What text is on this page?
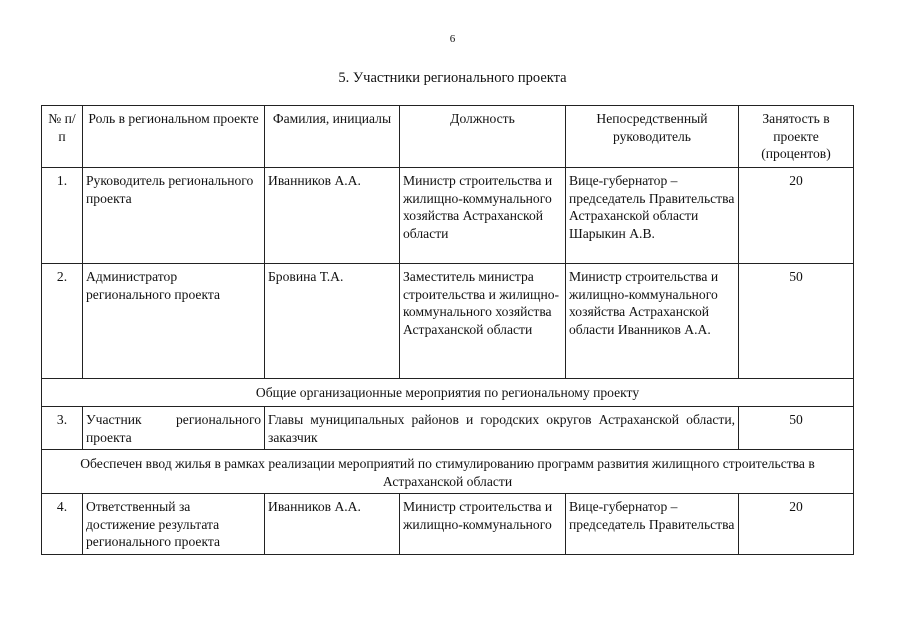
6
5. Участники регионального проекта
№ п/п	Роль в региональном проекте	Фамилия, инициалы	Должность	Непосредственный руководитель	Занятость в проекте (процентов)
1.	Руководитель регионального проекта	Иванников А.А.	Министр строительства и жилищно-коммунального хозяйства Астраханской области	Вице-губернатор – председатель Правительства Астраханской области Шарыкин А.В.	20
2.	Администратор регионального проекта	Бровина Т.А.	Заместитель министра строительства и жилищно-коммунального хозяйства Астраханской области	Министр строительства и жилищно-коммунального хозяйства Астраханской области Иванников А.А.	50
Общие организационные мероприятия по региональному проекту					
3.	Участник регионального проекта	Главы муниципальных районов и городских округов Астраханской области, заказчик			50
Обеспечен ввод жилья в рамках реализации мероприятий по стимулированию программ развития жилищного строительства в Астраханской области					
4.	Ответственный за достижение результата регионального проекта	Иванников А.А.	Министр строительства и жилищно-коммунального	Вице-губернатор – председатель Правительства	20
